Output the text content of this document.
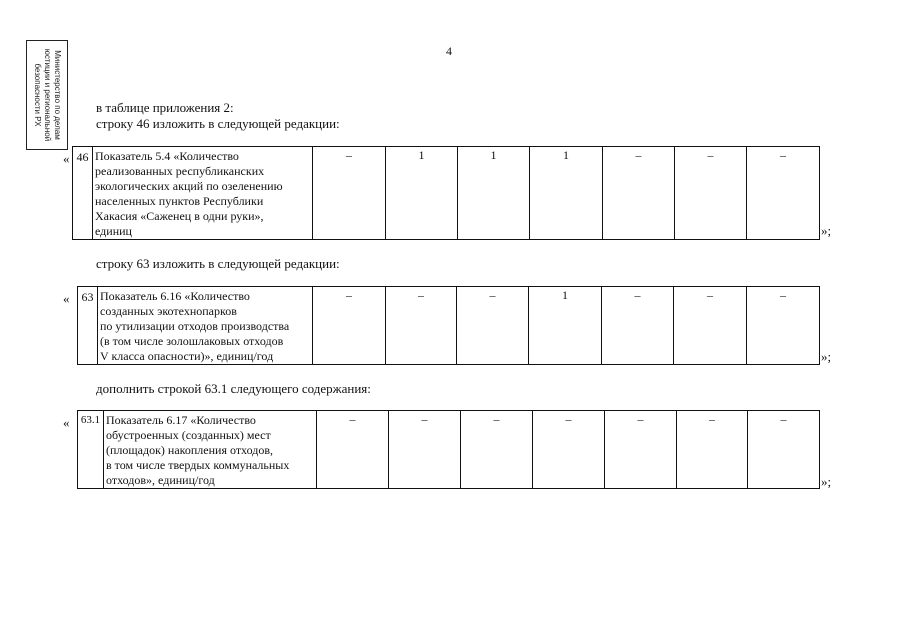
Министерство по делам юстиции и региональной безопасности РХ
4
в таблице приложения 2:
строку 46 изложить в следующей редакции:
« 46	Показатель 5.4 «Количество
реализованных республиканских
экологических акций по озеленению
населенных пунктов Республики
Хакасия «Саженец в одни руки»,
единиц
	–	1	1	1	–	–	–
»;
строку 63 изложить в следующей редакции:
« 63	Показатель 6.16 «Количество
созданных экотехнопарков
по утилизации отходов производства
(в том числе золошлаковых отходов
V класса опасности)», единиц/год
	–	–	–	1	–	–	–
»;
дополнить строкой 63.1 следующего содержания:
« 63.1	Показатель 6.17 «Количество
обустроенных (созданных) мест
(площадок) накопления отходов,
в том числе твердых коммунальных
отходов», единиц/год
	–	–	–	–	–	–	–
»;
